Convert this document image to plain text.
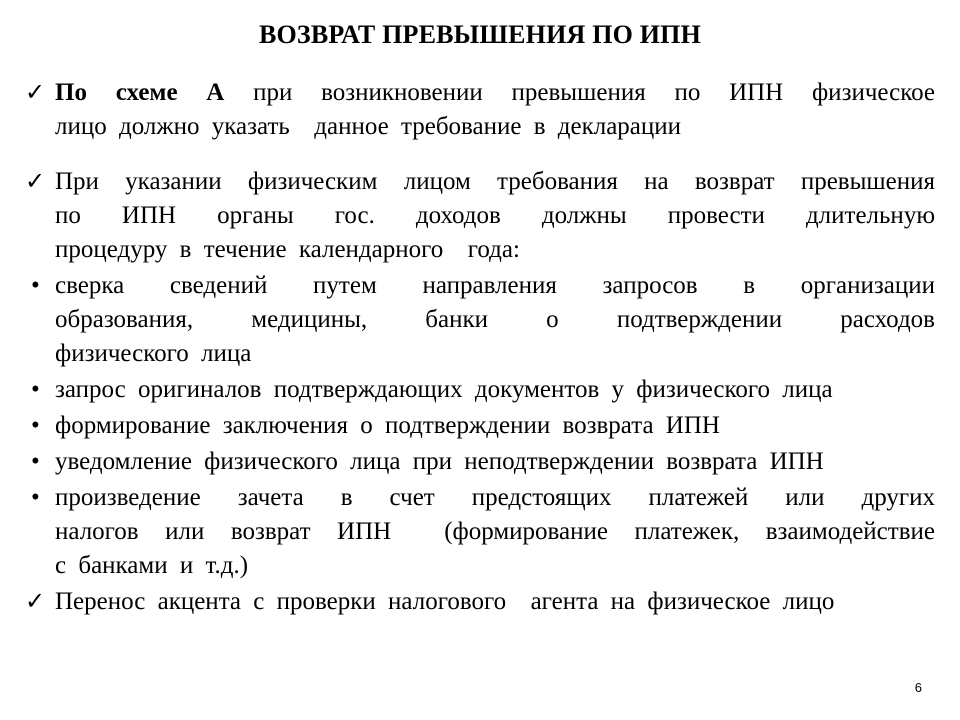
ВОЗВРАТ ПРЕВЫШЕНИЯ ПО ИПН
✓ По схеме А при возникновении превышения по ИПН физическое
лицо должно указать  данное требование в декларации
✓ При указании физическим лицом требования на возврат превышения
по ИПН органы гос. доходов должны провести длительную
процедуру в течение календарного  года:
• сверка сведений путем направления запросов в организации
образования, медицины, банки о подтверждении расходов
физического лица
• запрос оригиналов подтверждающих документов у физического лица
• формирование заключения о подтверждении возврата ИПН
• уведомление физического лица при неподтверждении возврата ИПН
• произведение зачета в счет предстоящих платежей или других
налогов или возврат ИПН  (формирование платежек, взаимодействие
с банками и т.д.)
✓ Перенос акцента с проверки налогового  агента на физическое лицо
6
